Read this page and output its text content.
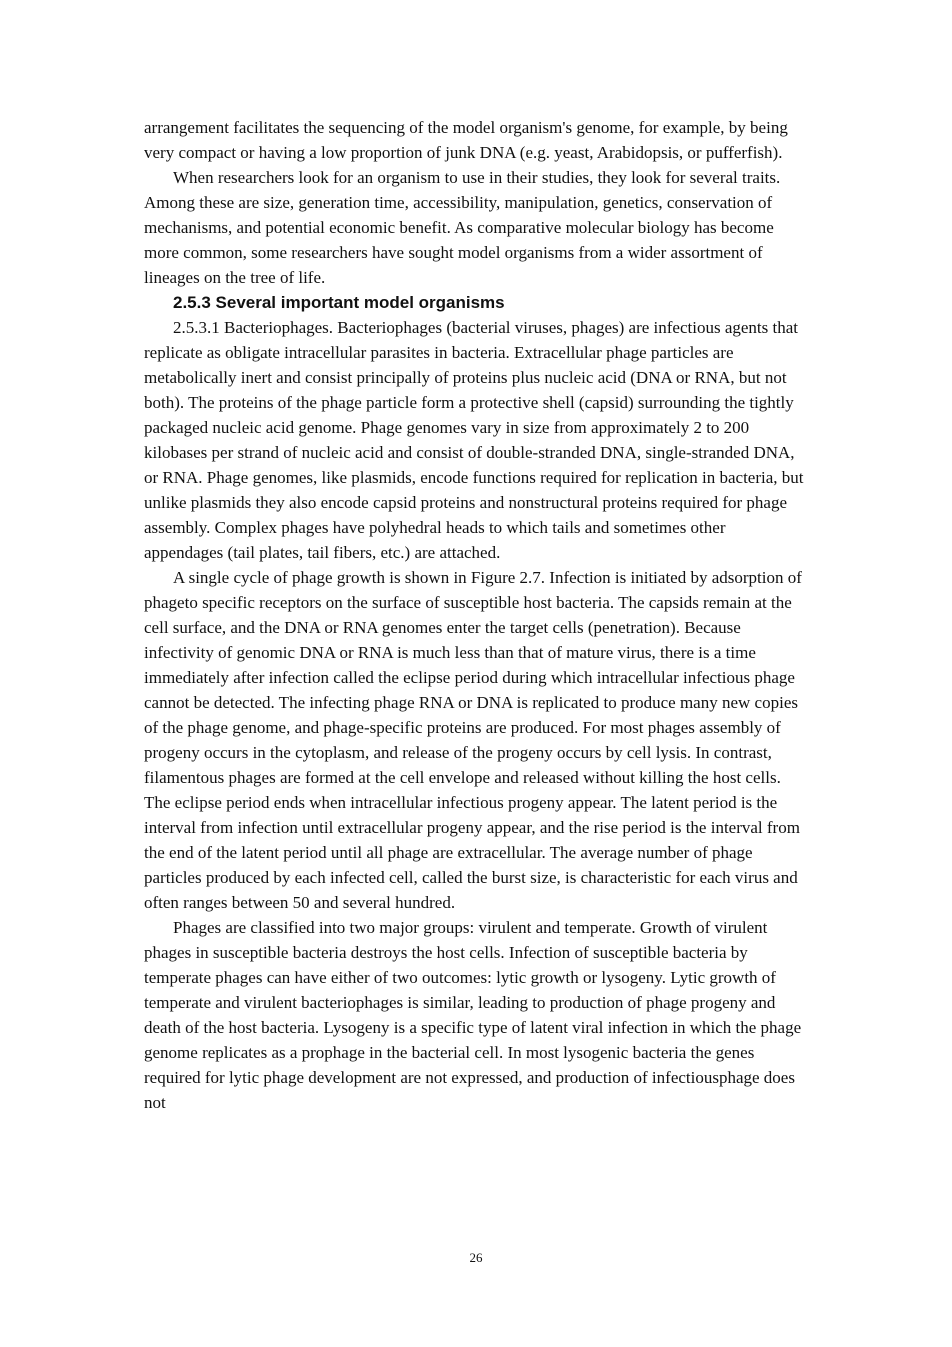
arrangement facilitates the sequencing of the model organism's genome, for example, by being very compact or having a low proportion of junk DNA (e.g. yeast, Arabidopsis, or pufferfish).

When researchers look for an organism to use in their studies, they look for several traits. Among these are size, generation time, accessibility, manipulation, genetics, conservation of mechanisms, and potential economic benefit. As comparative molecular biology has become more common, some researchers have sought model organisms from a wider assortment of lineages on the tree of life.

2.5.3 Several important model organisms

2.5.3.1 Bacteriophages. Bacteriophages (bacterial viruses, phages) are infectious agents that replicate as obligate intracellular parasites in bacteria. Extracellular phage particles are metabolically inert and consist principally of proteins plus nucleic acid (DNA or RNA, but not both). The proteins of the phage particle form a protective shell (capsid) surrounding the tightly packaged nucleic acid genome. Phage genomes vary in size from approximately 2 to 200 kilobases per strand of nucleic acid and consist of double-stranded DNA, single-stranded DNA, or RNA. Phage genomes, like plasmids, encode functions required for replication in bacteria, but unlike plasmids they also encode capsid proteins and nonstructural proteins required for phage assembly. Complex phages have polyhedral heads to which tails and sometimes other appendages (tail plates, tail fibers, etc.) are attached.

A single cycle of phage growth is shown in Figure 2.7. Infection is initiated by adsorption of phageto specific receptors on the surface of susceptible host bacteria. The capsids remain at the cell surface, and the DNA or RNA genomes enter the target cells (penetration). Because infectivity of genomic DNA or RNA is much less than that of mature virus, there is a time immediately after infection called the eclipse period during which intracellular infectious phage cannot be detected. The infecting phage RNA or DNA is replicated to produce many new copies of the phage genome, and phage-specific proteins are produced. For most phages assembly of progeny occurs in the cytoplasm, and release of the progeny occurs by cell lysis. In contrast, filamentous phages are formed at the cell envelope and released without killing the host cells. The eclipse period ends when intracellular infectious progeny appear. The latent period is the interval from infection until extracellular progeny appear, and the rise period is the interval from the end of the latent period until all phage are extracellular. The average number of phage particles produced by each infected cell, called the burst size, is characteristic for each virus and often ranges between 50 and several hundred.

Phages are classified into two major groups: virulent and temperate. Growth of virulent phages in susceptible bacteria destroys the host cells. Infection of susceptible bacteria by temperate phages can have either of two outcomes: lytic growth or lysogeny. Lytic growth of temperate and virulent bacteriophages is similar, leading to production of phage progeny and death of the host bacteria. Lysogeny is a specific type of latent viral infection in which the phage genome replicates as a prophage in the bacterial cell. In most lysogenic bacteria the genes required for lytic phage development are not expressed, and production of infectiousphage does not

26
